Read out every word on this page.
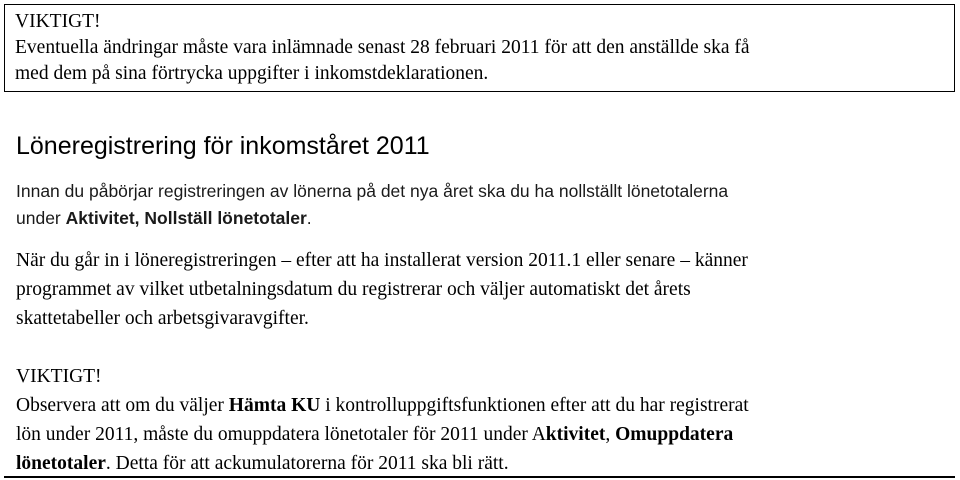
VIKTIGT!
Eventuella ändringar måste vara inlämnade senast 28 februari 2011 för att den anställde ska få
med dem på sina förtrycka uppgifter i inkomstdeklarationen.
Löneregistrering för inkomståret 2011
Innan du påbörjar registreringen av lönerna på det nya året ska du ha nollställt lönetotalerna
under Aktivitet, Nollställ lönetotaler.
När du går in i löneregistreringen – efter att ha installerat version 2011.1 eller senare – känner
programmet av vilket utbetalningsdatum du registrerar och väljer automatiskt det årets
skattetabeller och arbetsgivaravgifter.
VIKTIGT!
Observera att om du väljer Hämta KU i kontrolluppgiftsfunktionen efter att du har registrerat
lön under 2011, måste du omuppdatera lönetotaler för 2011 under Aktivitet, Omuppdatera
lönetotaler. Detta för att ackumulatorerna för 2011 ska bli rätt.
